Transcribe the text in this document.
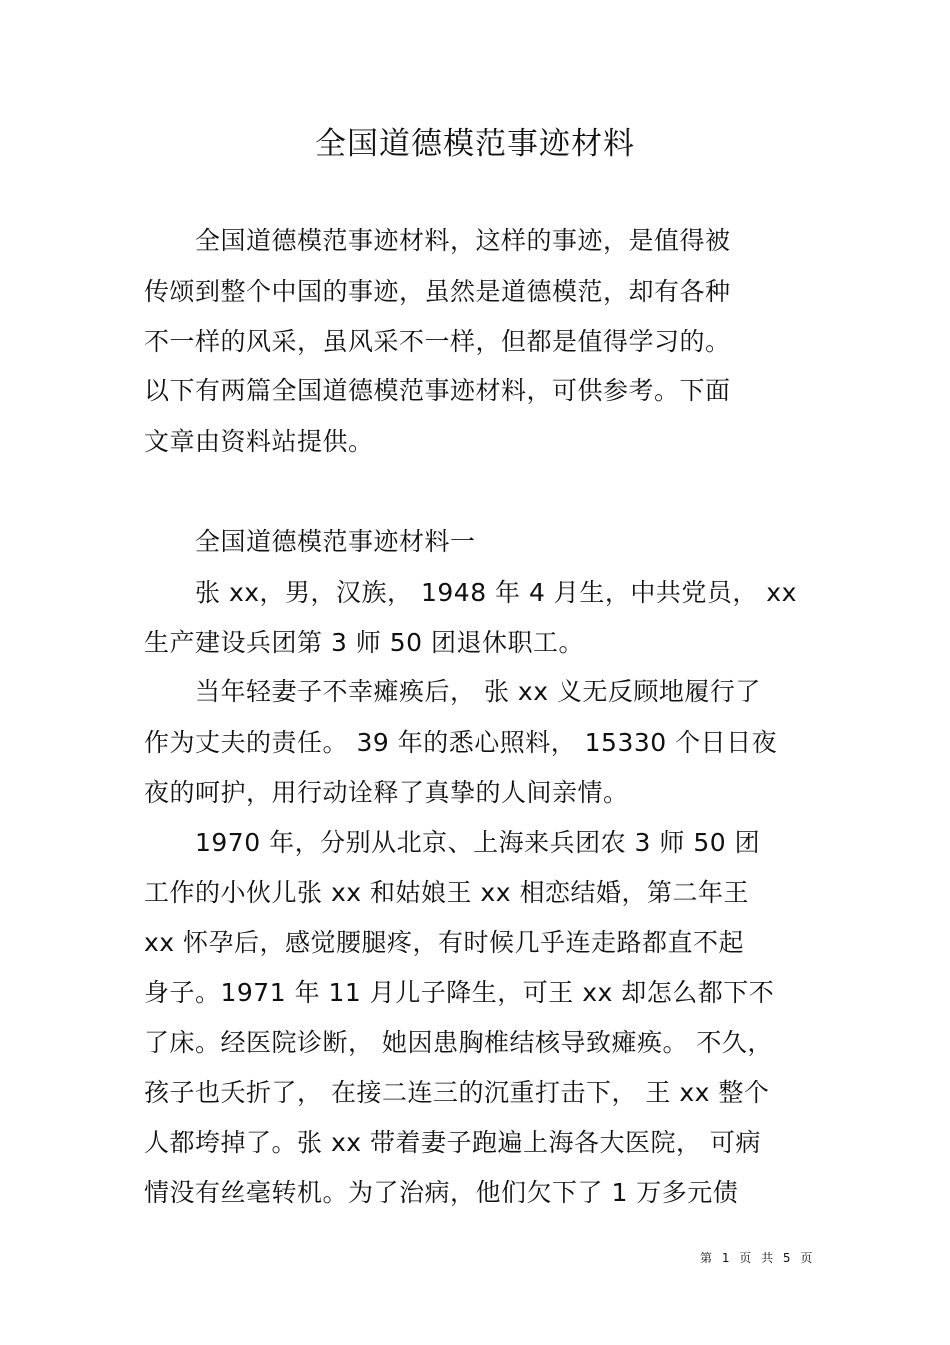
全国道德模范事迹材料
　　全国道德模范事迹材料，这样的事迹，是值得被
传颂到整个中国的事迹，虽然是道德模范，却有各种
不一样的风采，虽风采不一样，但都是值得学习的。
以下有两篇全国道德模范事迹材料，可供参考。下面
文章由资料站提供。
　　全国道德模范事迹材料一
　　张 xx，男，汉族， 1948 年 4 月生，中共党员， xx
生产建设兵团第 3 师 50 团退休职工。
　　当年轻妻子不幸瘫痪后， 张 xx 义无反顾地履行了
作为丈夫的责任。 39 年的悉心照料， 15330 个日日夜
夜的呵护，用行动诠释了真挚的人间亲情。
　　1970 年，分别从北京、上海来兵团农 3 师 50 团
工作的小伙儿张 xx 和姑娘王 xx 相恋结婚，第二年王
xx 怀孕后，感觉腰腿疼，有时候几乎连走路都直不起
身子。1971 年 11 月儿子降生，可王 xx 却怎么都下不
了床。经医院诊断， 她因患胸椎结核导致瘫痪。 不久，
孩子也夭折了， 在接二连三的沉重打击下， 王 xx 整个
人都垮掉了。张 xx 带着妻子跑遍上海各大医院， 可病
情没有丝毫转机。为了治病，他们欠下了 1 万多元债
第 1 页 共 5 页
